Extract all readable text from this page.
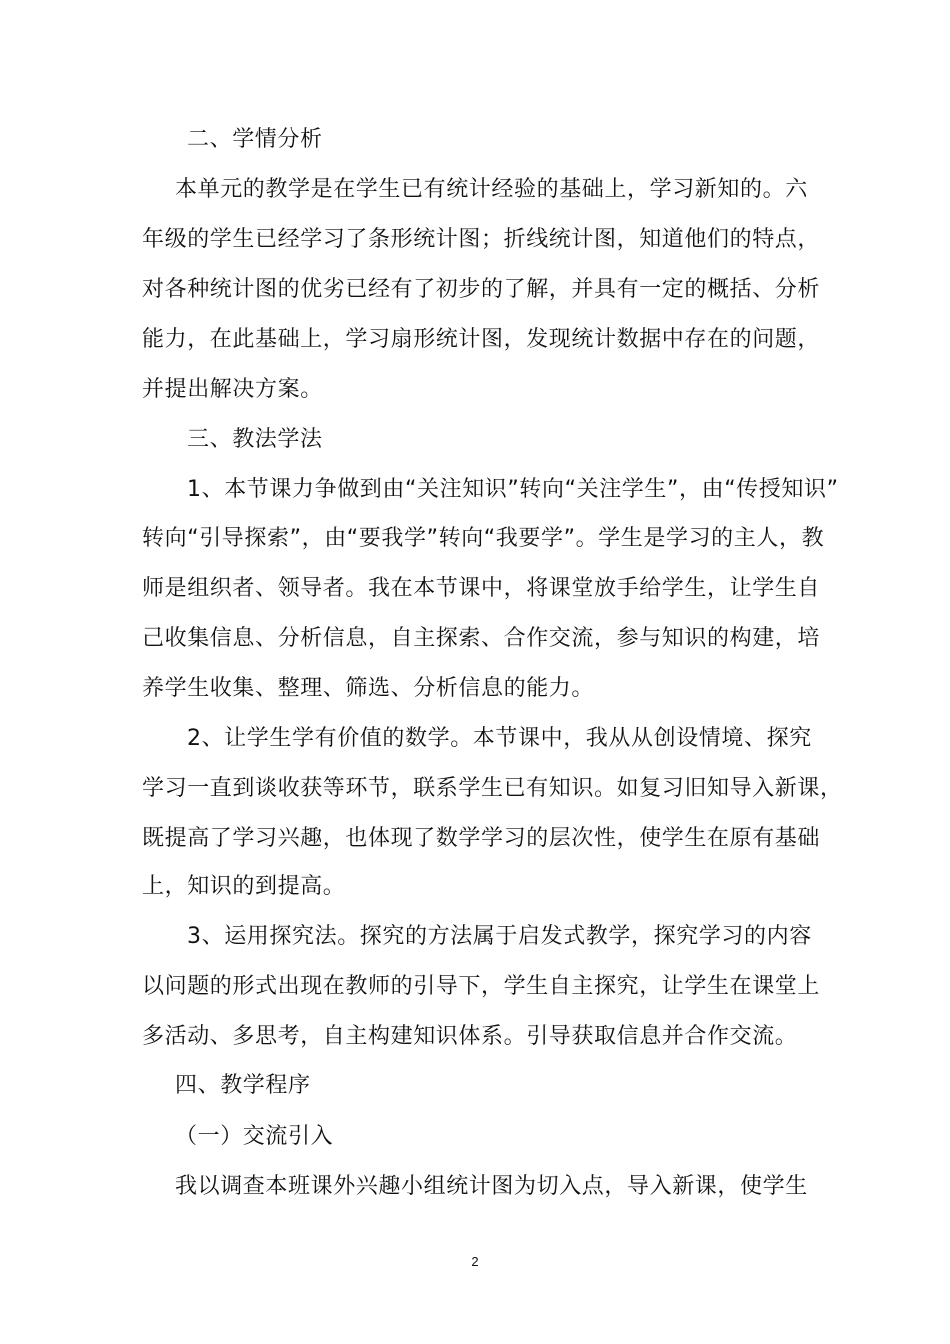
二、学情分析
本单元的教学是在学生已有统计经验的基础上，学习新知的。六
年级的学生已经学习了条形统计图；折线统计图，知道他们的特点，
对各种统计图的优劣已经有了初步的了解，并具有一定的概括、分析
能力，在此基础上，学习扇形统计图，发现统计数据中存在的问题，
并提出解决方案。
三、教法学法
1、本节课力争做到由“关注知识”转向“关注学生”，由“传授知识”
转向“引导探索”，由“要我学”转向“我要学”。学生是学习的主人，教
师是组织者、领导者。我在本节课中，将课堂放手给学生，让学生自
己收集信息、分析信息，自主探索、合作交流，参与知识的构建，培
养学生收集、整理、筛选、分析信息的能力。
2、让学生学有价值的数学。本节课中，我从从创设情境、探究
学习一直到谈收获等环节，联系学生已有知识。如复习旧知导入新课，
既提高了学习兴趣，也体现了数学学习的层次性，使学生在原有基础
上，知识的到提高。
3、运用探究法。探究的方法属于启发式教学，探究学习的内容
以问题的形式出现在教师的引导下，学生自主探究，让学生在课堂上
多活动、多思考，自主构建知识体系。引导获取信息并合作交流。
四、教学程序
（一）交流引入
我以调查本班课外兴趣小组统计图为切入点，导入新课，使学生
2
